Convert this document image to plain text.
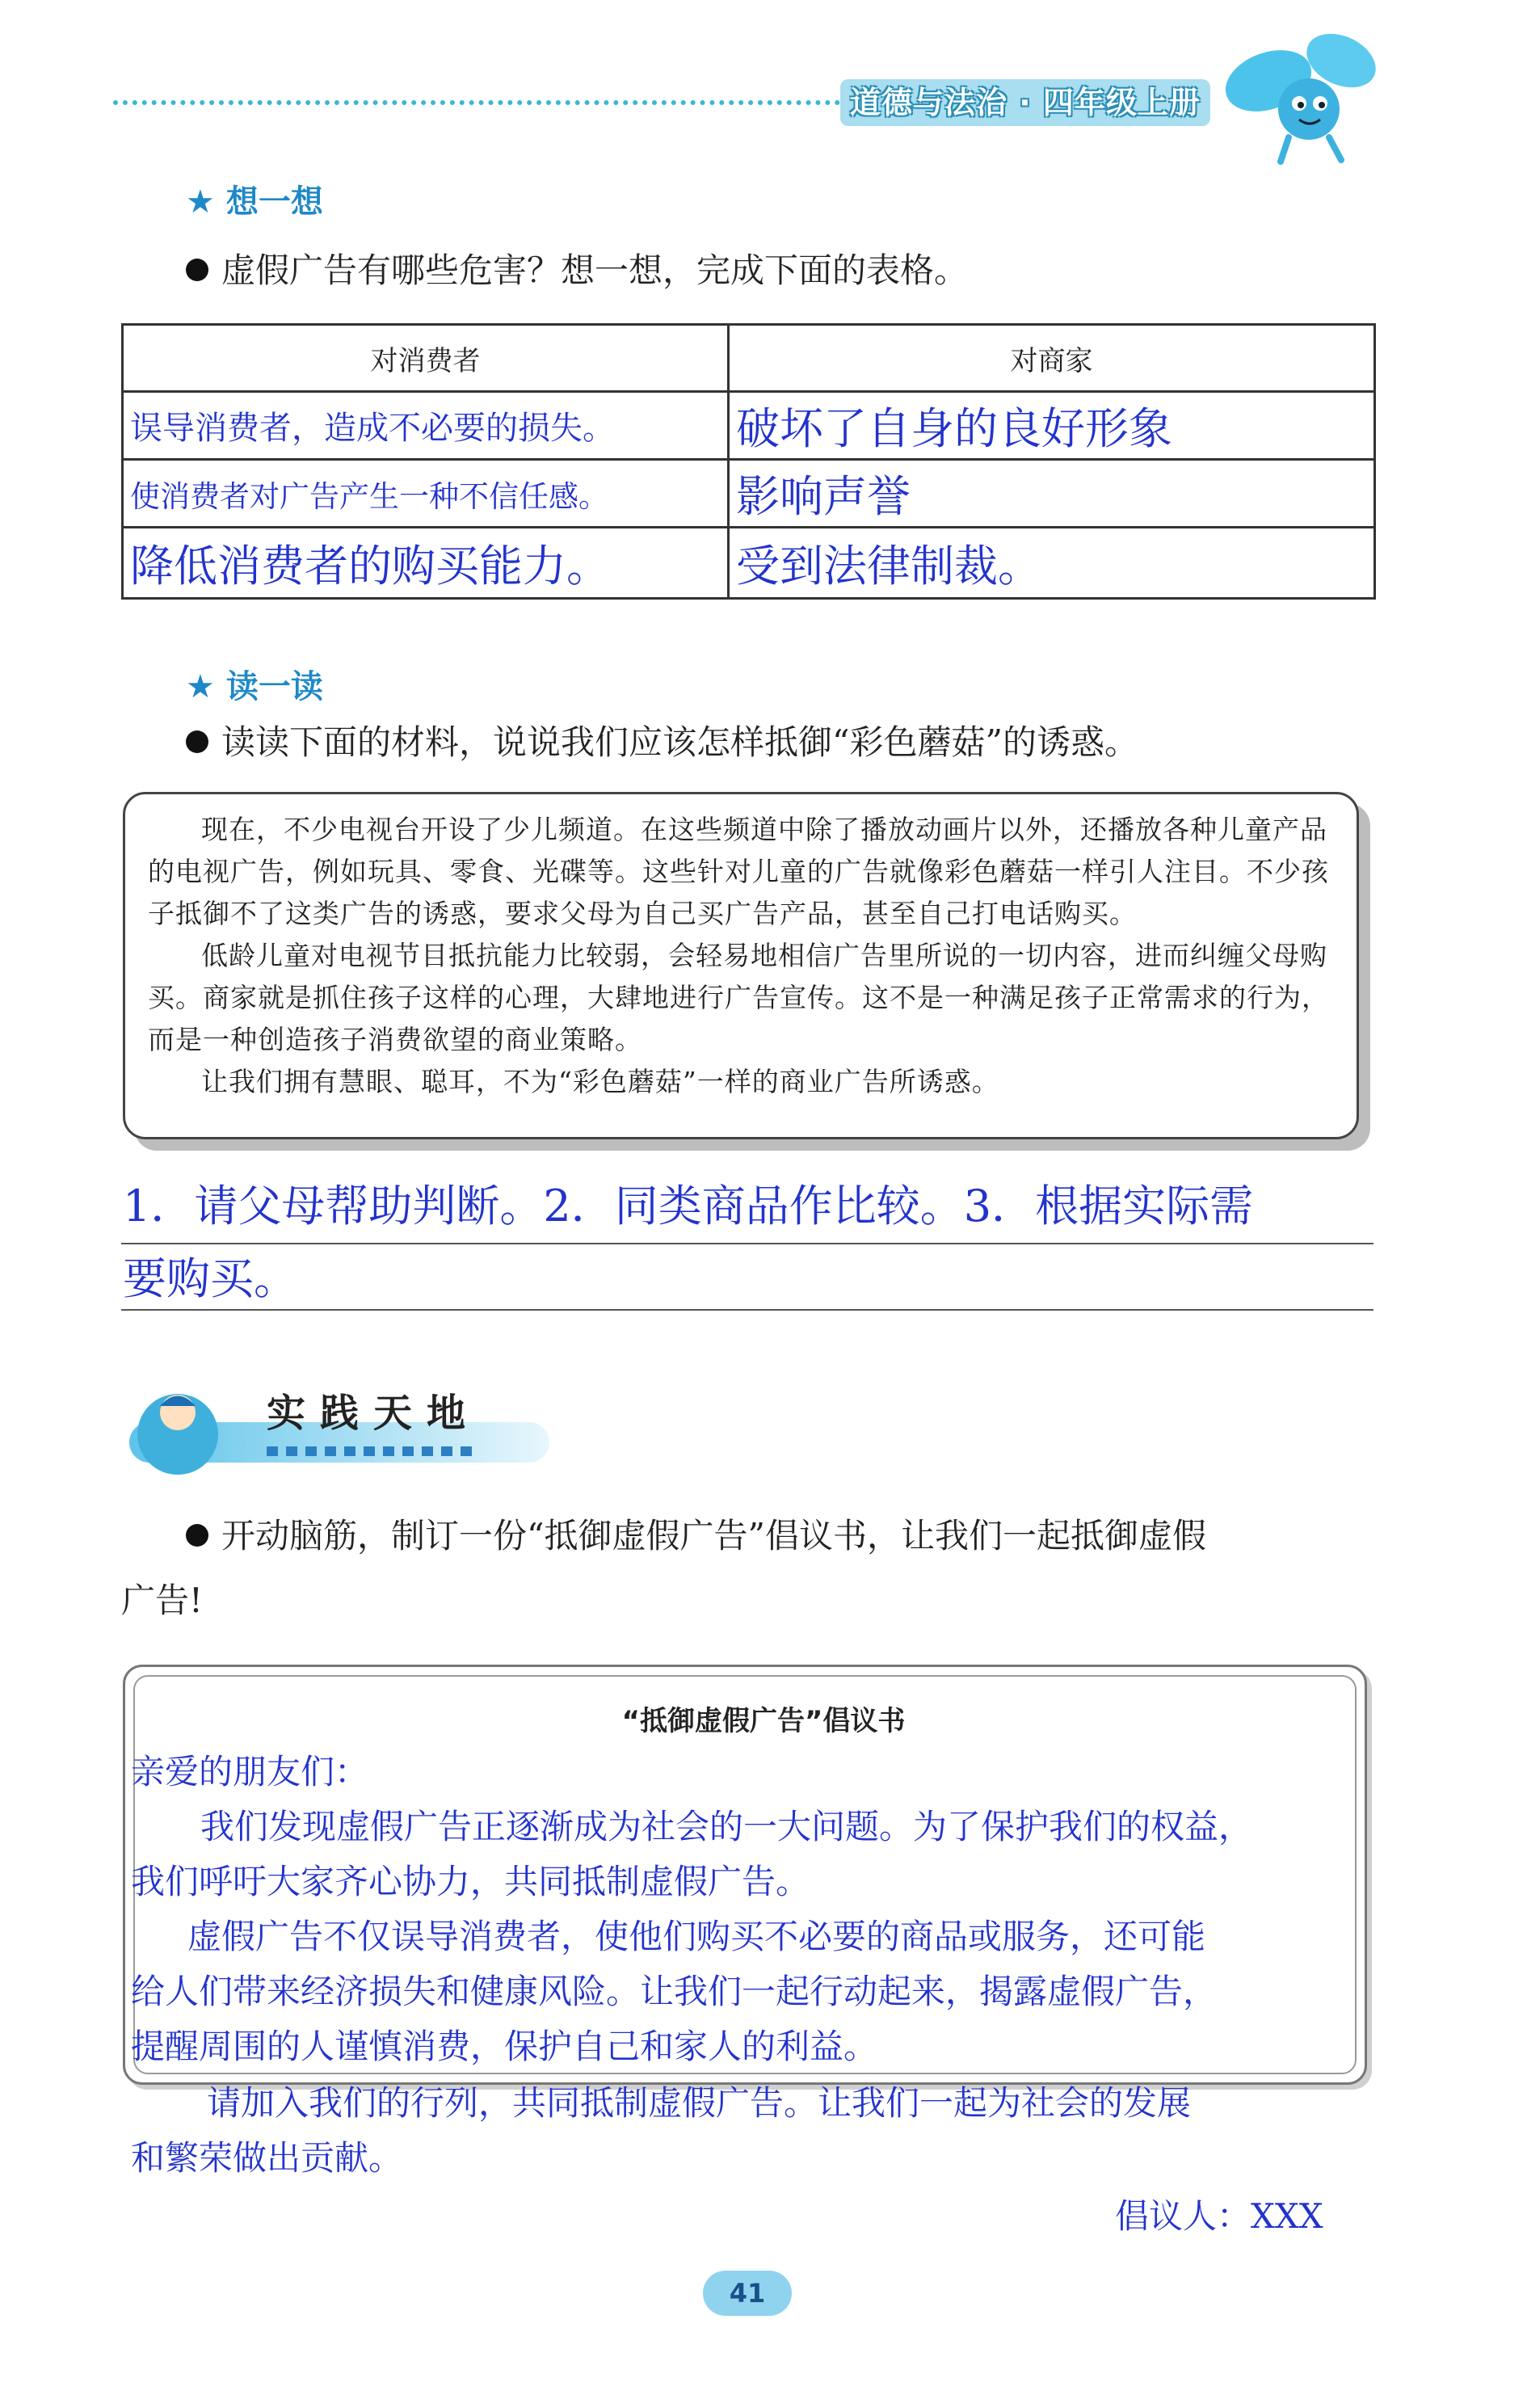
道德与法治 · 四年级上册
★ 想一想
虚假广告有哪些危害？想一想，完成下面的表格。
对消费者	对商家
误导消费者，造成不必要的损失。	破坏了自身的良好形象
使消费者对广告产生一种不信任感。	影响声誉
降低消费者的购买能力。	受到法律制裁。
★ 读一读
读读下面的材料，说说我们应该怎样抵御“彩色蘑菇”的诱惑。

现在，不少电视台开设了少儿频道。在这些频道中除了播放动画片以外，还播放各种儿童产品的电视广告，例如玩具、零食、光碟等。这些针对儿童的广告就像彩色蘑菇一样引人注目。不少孩子抵御不了这类广告的诱惑，要求父母为自己买广告产品，甚至自己打电话购买。

低龄儿童对电视节目抵抗能力比较弱，会轻易地相信广告里所说的一切内容，进而纠缠父母购买。商家就是抓住孩子这样的心理，大肆地进行广告宣传。这不是一种满足孩子正常需求的行为，而是一种创造孩子消费欲望的商业策略。

让我们拥有慧眼、聪耳，不为“彩色蘑菇”一样的商业广告所诱惑。

1．请父母帮助判断。2．同类商品作比较。3．根据实际需
要购买。
实践天地
开动脑筋，制订一份“抵御虚假广告”倡议书，让我们一起抵御虚假
广告!
“抵御虚假广告”倡议书
亲爱的朋友们：
我们发现虚假广告正逐渐成为社会的一大问题。为了保护我们的权益，
我们呼吁大家齐心协力，共同抵制虚假广告。
虚假广告不仅误导消费者，使他们购买不必要的商品或服务，还可能
给人们带来经济损失和健康风险。让我们一起行动起来，揭露虚假广告，
提醒周围的人谨慎消费，保护自己和家人的利益。
请加入我们的行列，共同抵制虚假广告。让我们一起为社会的发展
和繁荣做出贡献。
倡议人：XXX
41
